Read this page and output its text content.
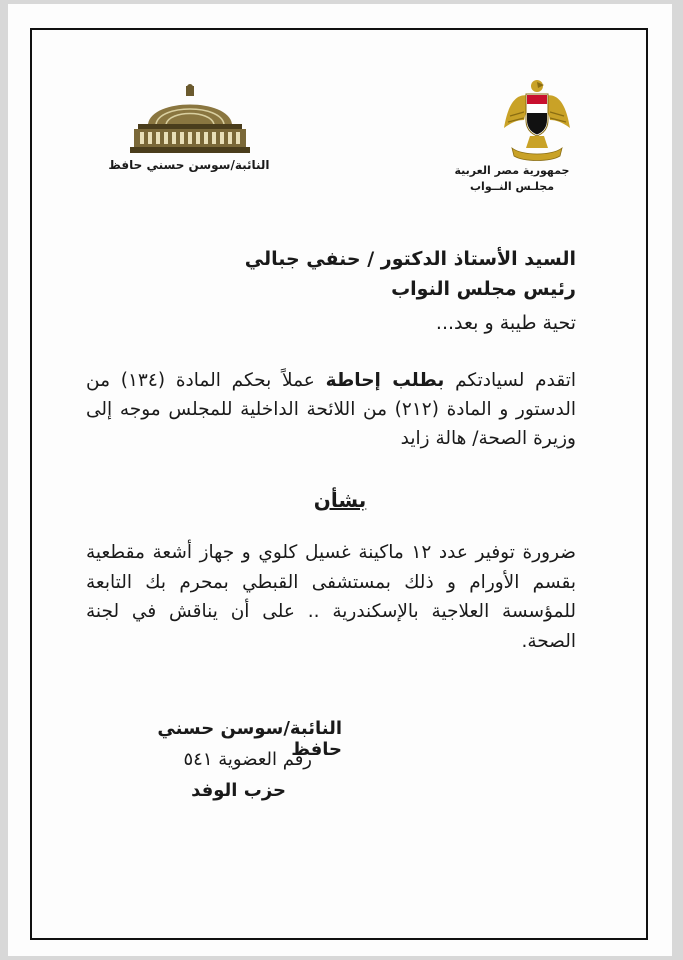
جمهورية مصر العربية
مجلـس النــواب
النائبة/سوسن حسني حافظ
السيد الأستاذ الدكتور / حنفي جبالي
رئيس مجلس النواب
تحية طيبة و بعد...
اتقدم لسيادتكم بطلب إحاطة عملاً بحكم المادة (١٣٤) من الدستور و المادة (٢١٢) من اللائحة الداخلية للمجلس موجه إلى وزيرة الصحة/ هالة زايد
بشأن
ضرورة توفير عدد ١٢ ماكينة غسيل كلوي و جهاز أشعة مقطعية بقسم الأورام و ذلك بمستشفى القبطي بمحرم بك التابعة للمؤسسة العلاجية بالإسكندرية .. على أن يناقش في لجنة الصحة.
النائبة/سوسن حسني حافظ
رقم العضوية ٥٤١
حزب الوفد
